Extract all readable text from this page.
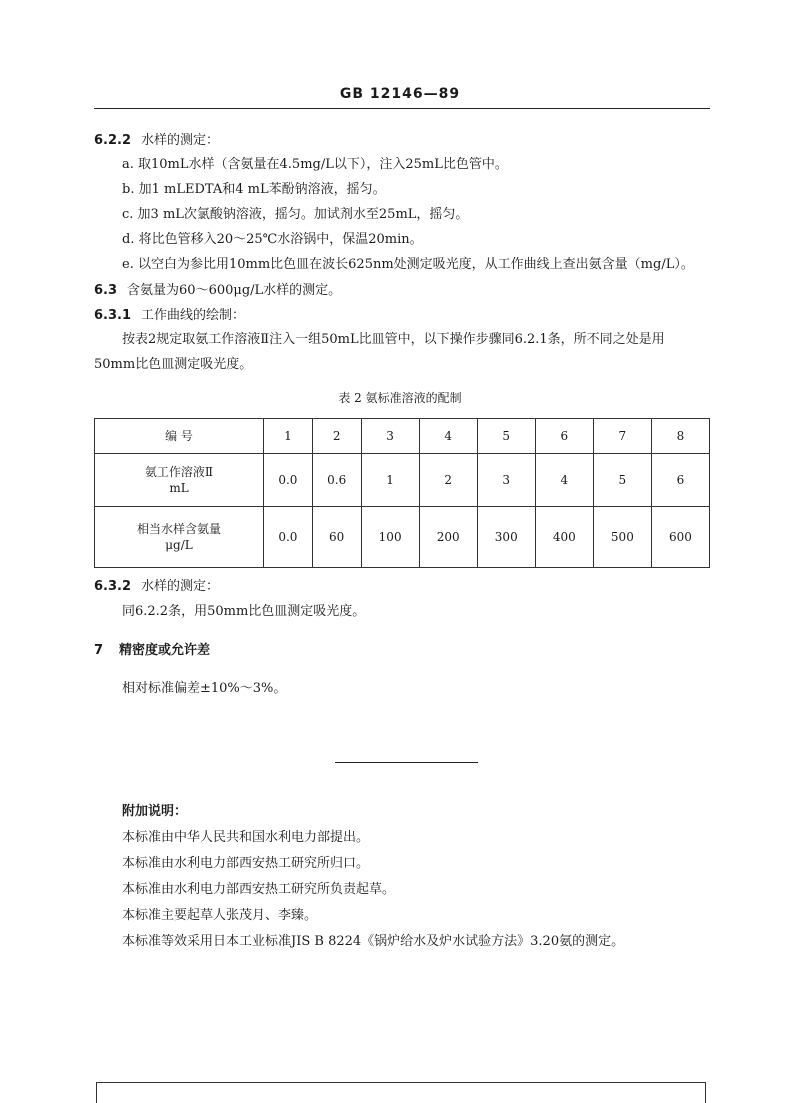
GB 12146—89
6.2.2 水样的测定：
a. 取10mL水样（含氨量在4.5mg/L以下），注入25mL比色管中。
b. 加1 mLEDTA和4 mL苯酚钠溶液，摇匀。
c. 加3 mL次氯酸钠溶液，摇匀。加试剂水至25mL，摇匀。
d. 将比色管移入20～25℃水浴锅中，保温20min。
e. 以空白为参比用10mm比色皿在波长625nm处测定吸光度，从工作曲线上查出氨含量（mg/L）。
6.3 含氨量为60～600μg/L水样的测定。
6.3.1 工作曲线的绘制：
按表2规定取氨工作溶液Ⅱ注入一组50mL比皿管中，以下操作步骤同6.2.1条，所不同之处是用
50mm比色皿测定吸光度。
表 2 氨标准溶液的配制
编 号	1	2	3	4	5	6	7	8

氨工作溶液Ⅱ
mL	0.0	0.6	1	2	3	4	5	6

相当水样含氨量
μg/L	0.0	60	100	200	300	400	500	600
6.3.2 水样的测定：
同6.2.2条，用50mm比色皿测定吸光度。
7 精密度或允许差
相对标准偏差±10%～3%。
附加说明：
本标准由中华人民共和国水利电力部提出。
本标准由水利电力部西安热工研究所归口。
本标准由水利电力部西安热工研究所负责起草。
本标准主要起草人张茂月、李臻。
本标准等效采用日本工业标准JIS B 8224《锅炉给水及炉水试验方法》3.20氨的测定。
